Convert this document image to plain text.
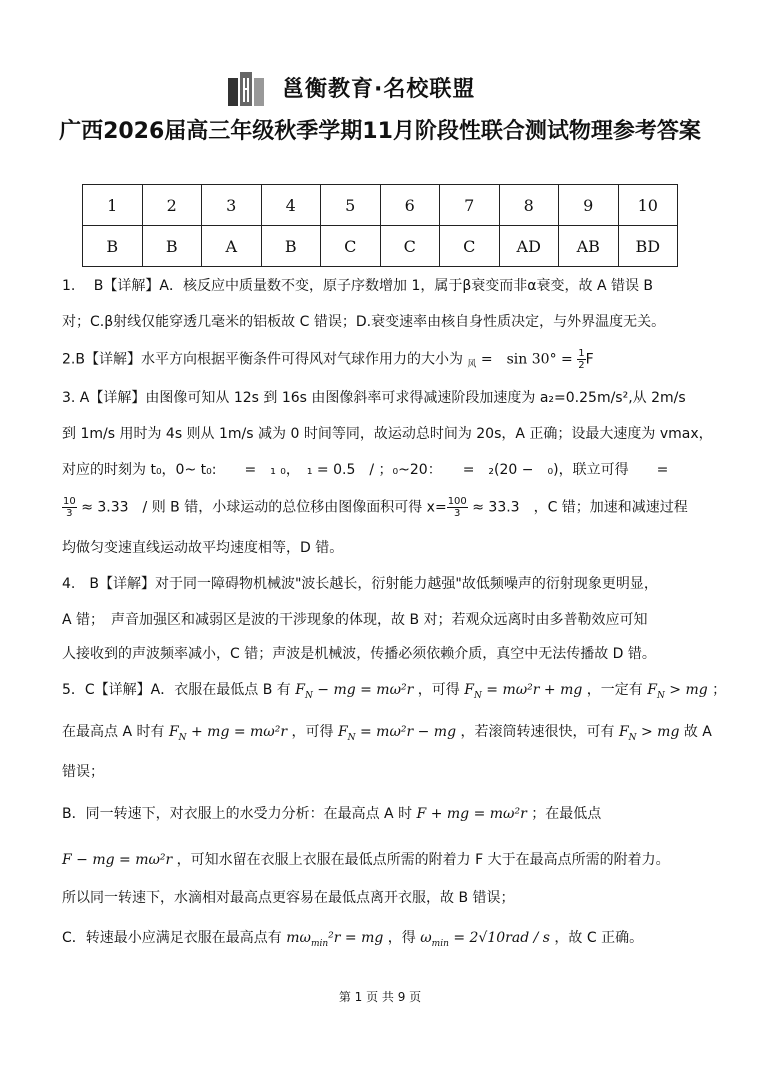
邕衡教育·名校联盟
广西2026届高三年级秋季学期11月阶段性联合测试物理参考答案
1	2	3	4	5	6	7	8	9	10
B	B	A	B	C	C	C	AD	AB	BD
1.　 B【详解】A．核反应中质量数不变，原子序数增加 1，属于β衰变而非α衰变，故 A 错误 B
对；C.β射线仅能穿透几毫米的铝板故 C 错误；D.衰变速率由核自身性质决定，与外界温度无关。
2.B【详解】水平方向根据平衡条件可得风对气球作用力的大小为 $_风$ =　$\sin 30^\circ = \frac{1}{2}$ F
3. A【详解】由图像可知从 12s 到 16s 由图像斜率可求得减速阶段加速度为 a₂=0.25m/s²,从 2m/s
到 1m/s 用时为 4s 则从 1m/s 减为 0 时间等同，故运动总时间为 20s，A 正确；设最大速度为 vmax，
对应的时刻为 t₀，0~ t₀:　　=　₁ ₀，　₁ = 0.5　/ ；₀~20：　　=　₂(20 −　₀)，联立可得　　=
$\frac{10}{3} \approx 3.33$　/ 则 B 错，小球运动的总位移由图像面积可得 $x= \frac{100}{3} \approx 33.3$　，C 错；加速和减速过程
均做匀变速直线运动故平均速度相等，D 错。
4.　B【详解】对于同一障碍物机械波"波长越长，衍射能力越强"故低频噪声的衍射现象更明显，
A 错；　声音加强区和减弱区是波的干涉现象的体现，故 B 对；若观众远离时由多普勒效应可知
人接收到的声波频率减小，C 错；声波是机械波，传播必须依赖介质，真空中无法传播故 D 错。
5．C【详解】A．衣服在最低点 B 有 $F_N$ − mg = mω²r ，可得 $F_N = m\omega^2r$ + mg ，一定有 $F_N$ > mg ；
在最高点 A 时有 $F_N$ + mg = mω²r ，可得 $F_N = m\omega^2r$ − mg ，若滚筒转速很快，可有 $F_N$ > mg 故 A
错误；
B．同一转速下，对衣服上的水受力分析：在最高点 A 时 F + mg = mω²r ；在最低点
F − mg = mω²r ，可知水留在衣服上衣服在最低点所需的附着力 F 大于在最高点所需的附着力。
所以同一转速下，水滴相对最高点更容易在最低点离开衣服，故 B 错误；
C．转速最小应满足衣服在最高点有 $m\omega_{min}^2r$ = mg ，得 $\omega_{min} = 2√10rad / s$ ，故 C 正确。
第 1 页 共 9 页
